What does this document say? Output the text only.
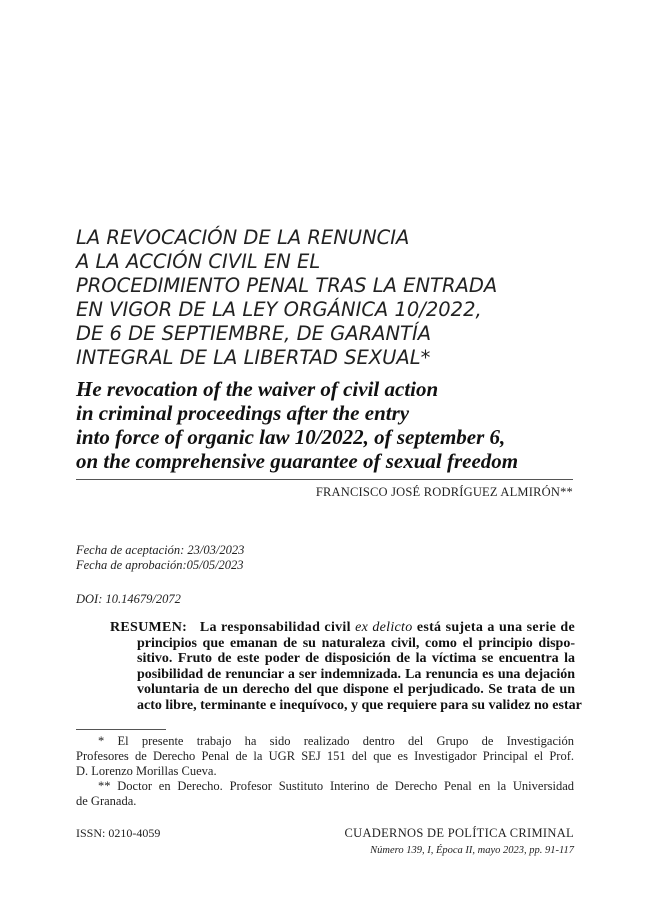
LA REVOCACIÓN DE LA RENUNCIA
A LA ACCIÓN CIVIL EN EL
PROCEDIMIENTO PENAL TRAS LA ENTRADA
EN VIGOR DE LA LEY ORGÁNICA 10/2022,
DE 6 DE SEPTIEMBRE, DE GARANTÍA
INTEGRAL DE LA LIBERTAD SEXUAL*
He revocation of the waiver of civil action
in criminal proceedings after the entry
into force of organic law 10/2022, of september 6,
on the comprehensive guarantee of sexual freedom
FRANCISCO JOSÉ RODRÍGUEZ ALMIRÓN**
Fecha de aceptación: 23/03/2023
Fecha de aprobación:05/05/2023
DOI: 10.14679/2072
RESUMEN: La responsabilidad civil ex delicto está sujeta a una serie de
principios que emanan de su naturaleza civil, como el principio dispo-
sitivo. Fruto de este poder de disposición de la víctima se encuentra la
posibilidad de renunciar a ser indemnizada. La renuncia es una dejación
voluntaria de un derecho del que dispone el perjudicado. Se trata de un
acto libre, terminante e inequívoco, y que requiere para su validez no estar
* El presente trabajo ha sido realizado dentro del Grupo de Investigación
Profesores de Derecho Penal de la UGR SEJ 151 del que es Investigador Principal el Prof.
D. Lorenzo Morillas Cueva.
** Doctor en Derecho. Profesor Sustituto Interino de Derecho Penal en la Universidad
de Granada.
ISSN: 0210-4059	CUADERNOS DE POLÍTICA CRIMINAL
Número 139, I, Época II, mayo 2023, pp. 91-117
